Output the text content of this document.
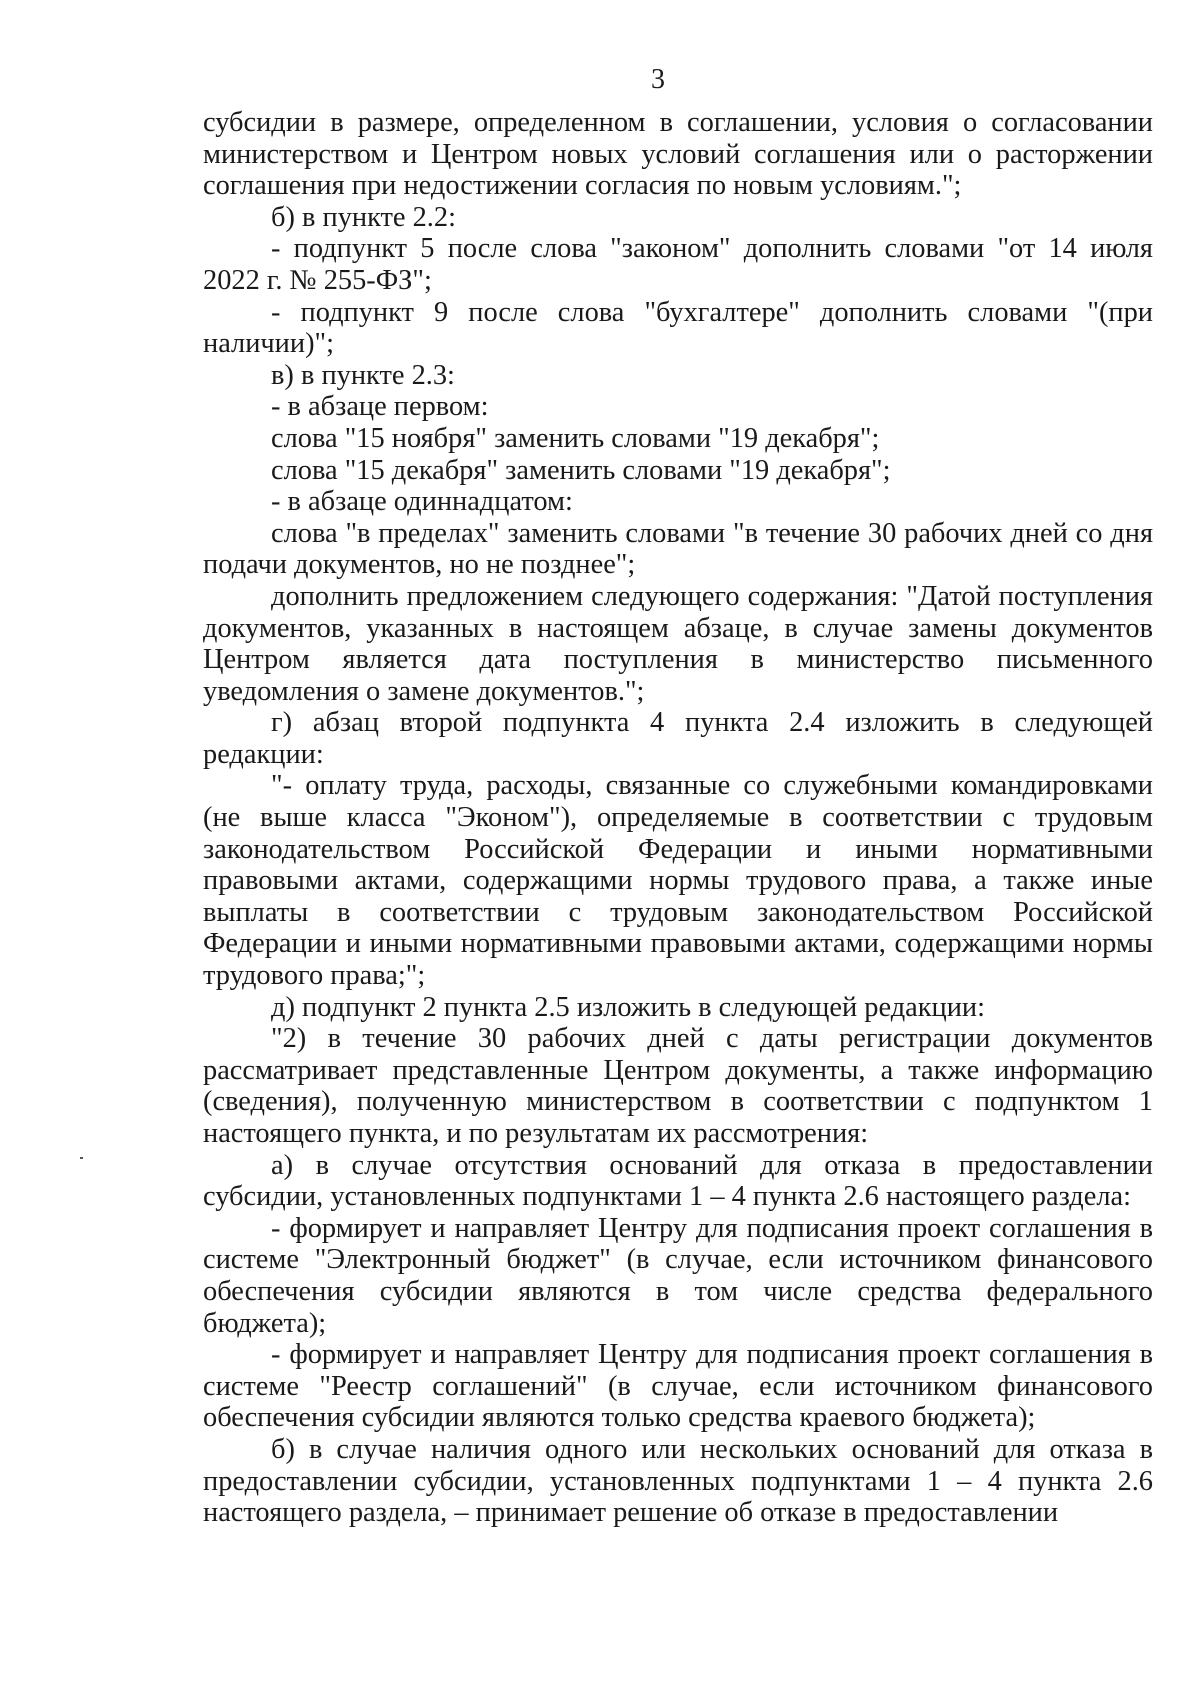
3

субсидии в размере, определенном в соглашении, условия о согласовании министерством и Центром новых условий соглашения или о расторжении соглашения при недостижении согласия по новым условиям.";

б) в пункте 2.2:

- подпункт 5 после слова "законом" дополнить словами "от 14 июля 2022 г. № 255-ФЗ";

- подпункт 9 после слова "бухгалтере" дополнить словами "(при наличии)";

в) в пункте 2.3:

- в абзаце первом:

слова "15 ноября" заменить словами "19 декабря";

слова "15 декабря" заменить словами "19 декабря";

- в абзаце одиннадцатом:

слова "в пределах" заменить словами "в течение 30 рабочих дней со дня подачи документов, но не позднее";

дополнить предложением следующего содержания: "Датой поступления документов, указанных в настоящем абзаце, в случае замены документов Центром является дата поступления в министерство письменного уведомления о замене документов.";

г) абзац второй подпункта 4 пункта 2.4 изложить в следующей редакции:

"- оплату труда, расходы, связанные со служебными командировками (не выше класса "Эконом"), определяемые в соответствии с трудовым законодательством Российской Федерации и иными нормативными правовыми актами, содержащими нормы трудового права, а также иные выплаты в соответствии с трудовым законодательством Российской Федерации и иными нормативными правовыми актами, содержащими нормы трудового права;";

д) подпункт 2 пункта 2.5 изложить в следующей редакции:

"2) в течение 30 рабочих дней с даты регистрации документов рассматривает представленные Центром документы, а также информацию (сведения), полученную министерством в соответствии с подпунктом 1 настоящего пункта, и по результатам их рассмотрения:

а) в случае отсутствия оснований для отказа в предоставлении субсидии, установленных подпунктами 1 – 4 пункта 2.6 настоящего раздела:

- формирует и направляет Центру для подписания проект соглашения в системе "Электронный бюджет" (в случае, если источником финансового обеспечения субсидии являются в том числе средства федерального бюджета);

- формирует и направляет Центру для подписания проект соглашения в системе "Реестр соглашений" (в случае, если источником финансового обеспечения субсидии являются только средства краевого бюджета);

б) в случае наличия одного или нескольких оснований для отказа в предоставлении субсидии, установленных подпунктами 1 – 4 пункта 2.6 настоящего раздела, – принимает решение об отказе в предоставлении
